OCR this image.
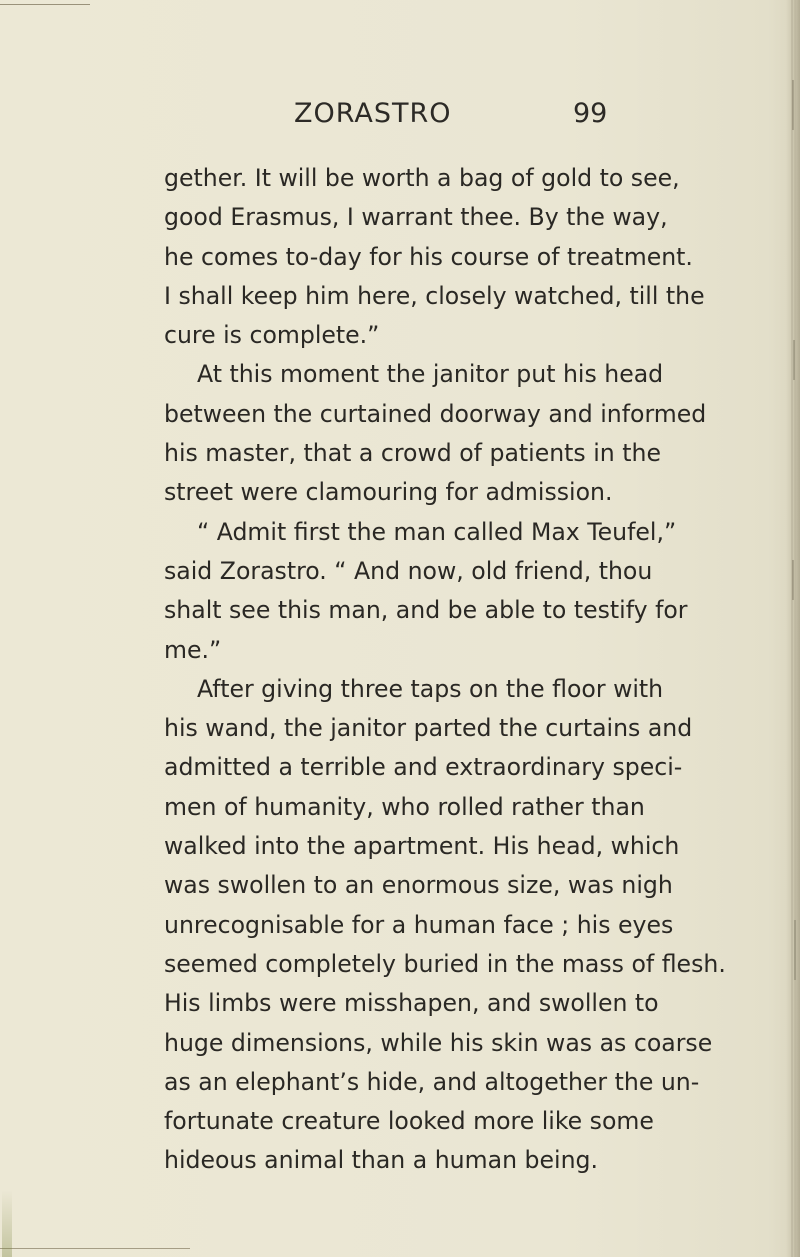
ZORASTRO	99
gether. It will be worth a bag of gold to see,
good Erasmus, I warrant thee. By the way,
he comes to-day for his course of treatment.
I shall keep him here, closely watched, till the
cure is complete.”
At this moment the janitor put his head
between the curtained doorway and informed
his master, that a crowd of patients in the
street were clamouring for admission.
“ Admit first the man called Max Teufel,”
said Zorastro. “ And now, old friend, thou
shalt see this man, and be able to testify for
me.”
After giving three taps on the floor with
his wand, the janitor parted the curtains and
admitted a terrible and extraordinary speci-
men of humanity, who rolled rather than
walked into the apartment. His head, which
was swollen to an enormous size, was nigh
unrecognisable for a human face ; his eyes
seemed completely buried in the mass of flesh.
His limbs were misshapen, and swollen to
huge dimensions, while his skin was as coarse
as an elephant’s hide, and altogether the un-
fortunate creature looked more like some
hideous animal than a human being.
